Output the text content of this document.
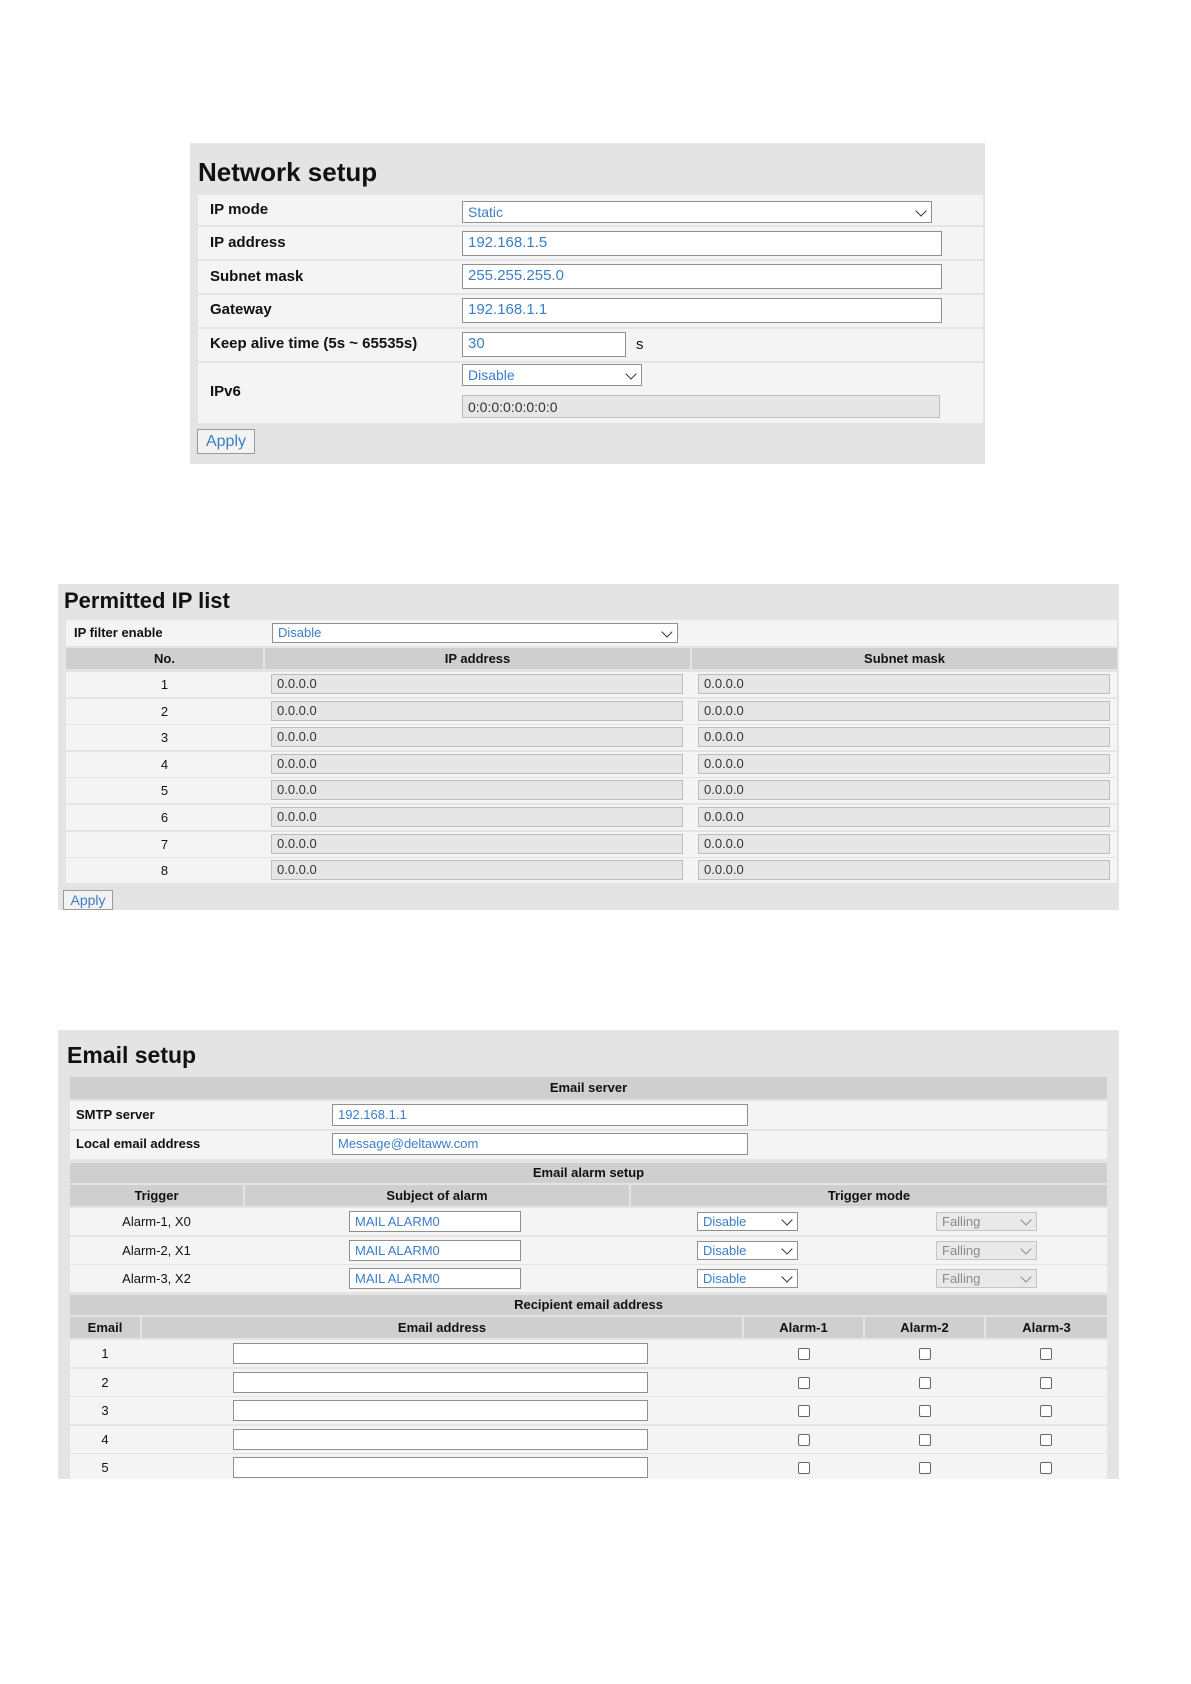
Network setup
IP mode	Static
IP address	192.168.1.5
Subnet mask	255.255.255.0
Gateway	192.168.1.1
Keep alive time (5s ~ 65535s)	30	s
IPv6
Disable
0:0:0:0:0:0:0:0
Apply
Permitted IP list
IP filter enable	Disable
No.	IP address	Subnet mask
1	0.0.0.0	0.0.0.0
2	0.0.0.0	0.0.0.0
3	0.0.0.0	0.0.0.0
4	0.0.0.0	0.0.0.0
5	0.0.0.0	0.0.0.0
6	0.0.0.0	0.0.0.0
7	0.0.0.0	0.0.0.0
8	0.0.0.0	0.0.0.0
Apply
Email setup
Email server
SMTP server	192.168.1.1
Local email address	Message@deltaww.com
Email alarm setup
Trigger	Subject of alarm	Trigger mode
Alarm-1, X0	MAIL ALARM0	Disable	Falling
Alarm-2, X1	MAIL ALARM0	Disable	Falling
Alarm-3, X2	MAIL ALARM0	Disable	Falling
Recipient email address
Email	Email address	Alarm-1	Alarm-2	Alarm-3
1
2
3
4
5
